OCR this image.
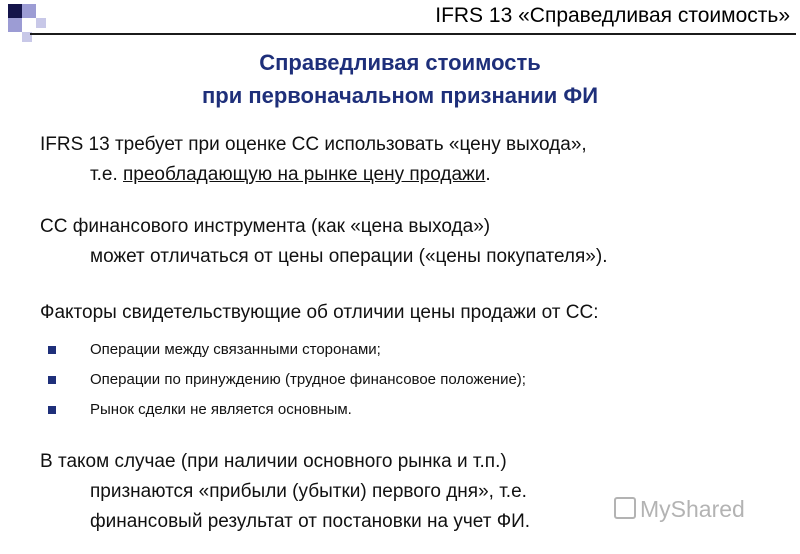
IFRS 13 «Справедливая стоимость»
Справедливая стоимость
при первоначальном признании ФИ
IFRS 13 требует при оценке СС использовать «цену выхода»,
т.е. преобладающую на рынке цену продажи.
СС финансового инструмента (как «цена выхода»)
может отличаться от цены операции («цены покупателя»).
Факторы свидетельствующие об отличии цены продажи от СС:
Операции между связанными сторонами;
Операции по принуждению (трудное финансовое положение);
Рынок сделки не является основным.
В таком случае (при наличии основного рынка и т.п.)
признаются «прибыли (убытки) первого дня», т.е.
финансовый результат от постановки на учет ФИ.	MyShared
